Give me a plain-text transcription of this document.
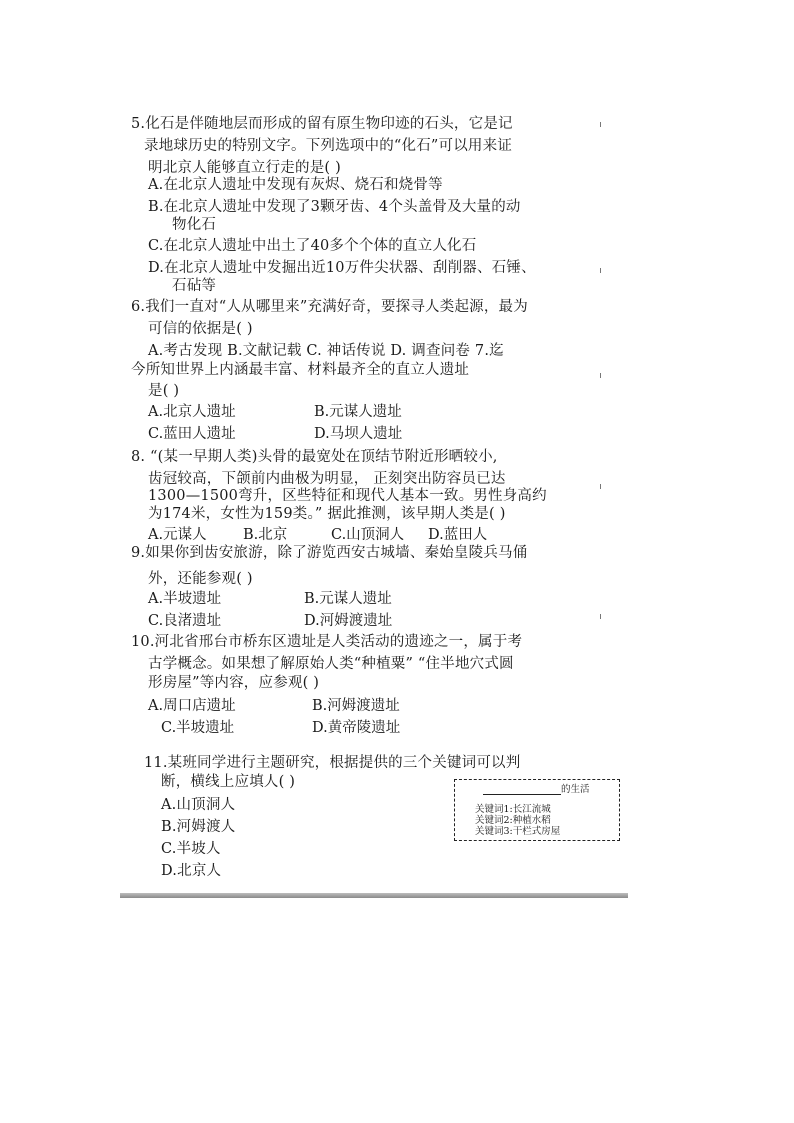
5.化石是伴随地层而形成的留有原生物印迹的石头，它是记
录地球历史的特别文字。下列选项中的“化石”可以用来证
明北京人能够直立行走的是( )
A.在北京人遗址中发现有灰烬、烧石和烧骨等
B.在北京人遗址中发现了3颗牙齿、4个头盖骨及大量的动
物化石
C.在北京人遗址中出土了40多个个体的直立人化石
D.在北京人遗址中发掘出近10万件尖状器、刮削器、石锤、
石砧等
6.我们一直对“人从哪里来”充满好奇，要探寻人类起源，最为
可信的依据是( )
A.考古发现 B.文献记载 C. 神话传说 D. 调查问卷 7.迄
今所知世界上内涵最丰富、材料最齐全的直立人遗址
是( )
A.北京人遗址	B.元谋人遗址
C.蓝田人遗址	D.马坝人遗址
8. “(某一早期人类)头骨的最宽处在顶结节附近形晒较小,
齿冠较高，下颌前内曲极为明显， 正刻突出防容员已达
1300—1500弯升，区些特征和现代人基本一致。男性身高约
为174米，女性为159类。” 据此推测，该早期人类是( )
A.元谋人	B.北京	C.山顶洞人 D.蓝田人
9.如果你到齿安旅游，除了游览西安古城墙、秦始皇陵兵马俑
外，还能参观( )
A.半坡遗址	B.元谋人遗址
C.良渚遗址	D.河姆渡遗址
10.河北省邢台市桥东区遗址是人类活动的遗迹之一，属于考
古学概念。如果想了解原始人类“种植粟” “住半地穴式圆
形房屋”等内容，应参观( )
A.周口店遗址	B.河姆渡遗址
C.半坡遗址	D.黄帝陵遗址
11.某班同学进行主题研究，根据提供的三个关键词可以判
断，横线上应填人( )
A.山顶洞人
B.河姆渡人
C.半坡人
D.北京人
的生活
关键词1:长江流城
关键词2:种植水稻
关键词3:干栏式房屋
